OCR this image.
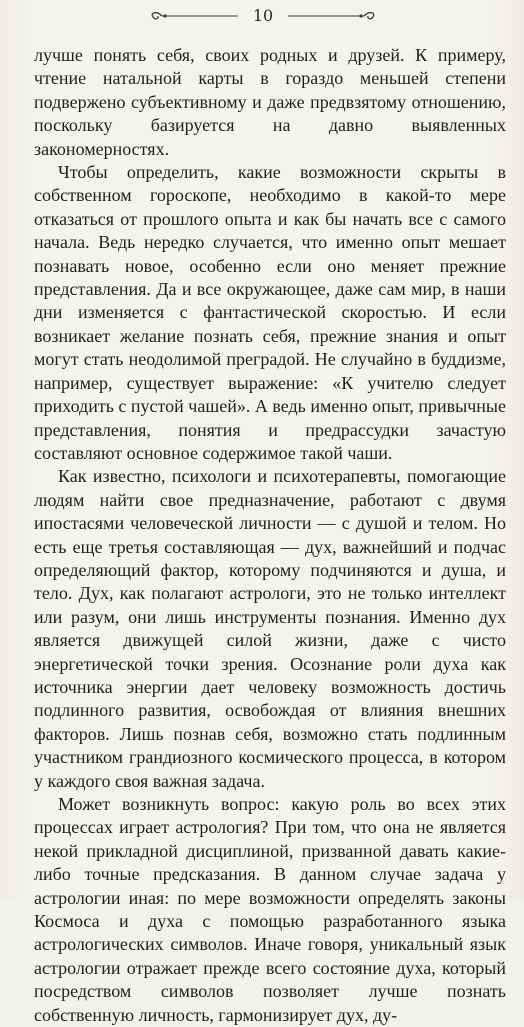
10

лучше понять себя, своих родных и друзей. К примеру, чтение натальной карты в гораздо меньшей степени подвержено субъективному и даже предвзятому отношению, поскольку базируется на давно выявленных закономерностях.

Чтобы определить, какие возможности скрыты в собственном гороскопе, необходимо в какой-то мере отказаться от прошлого опыта и как бы начать все с самого начала. Ведь нередко случается, что именно опыт мешает познавать новое, особенно если оно меняет прежние представления. Да и все окружающее, даже сам мир, в наши дни изменяется с фантастической скоростью. И если возникает желание познать себя, прежние знания и опыт могут стать неодолимой преградой. Не случайно в буддизме, например, существует выражение: «К учителю следует приходить с пустой чашей». А ведь именно опыт, привычные представления, понятия и предрассудки зачастую составляют основное содержимое такой чаши.

Как известно, психологи и психотерапевты, помогающие людям найти свое предназначение, работают с двумя ипостасями человеческой личности — с душой и телом. Но есть еще третья составляющая — дух, важнейший и подчас определяющий фактор, которому подчиняются и душа, и тело. Дух, как полагают астрологи, это не только интеллект или разум, они лишь инструменты познания. Именно дух является движущей силой жизни, даже с чисто энергетической точки зрения. Осознание роли духа как источника энергии дает человеку возможность достичь подлинного развития, освобождая от влияния внешних факторов. Лишь познав себя, возможно стать подлинным участником грандиозного космического процесса, в котором у каждого своя важная задача.

Может возникнуть вопрос: какую роль во всех этих процессах играет астрология? При том, что она не является некой прикладной дисциплиной, призванной давать какие-либо точные предсказания. В данном случае задача у астрологии иная: по мере возможности определять законы Космоса и духа с помощью разработанного языка астрологических символов. Иначе говоря, уникальный язык астрологии отражает прежде всего состояние духа, который посредством символов позволяет лучше познать собственную личность, гармонизирует дух, ду-
